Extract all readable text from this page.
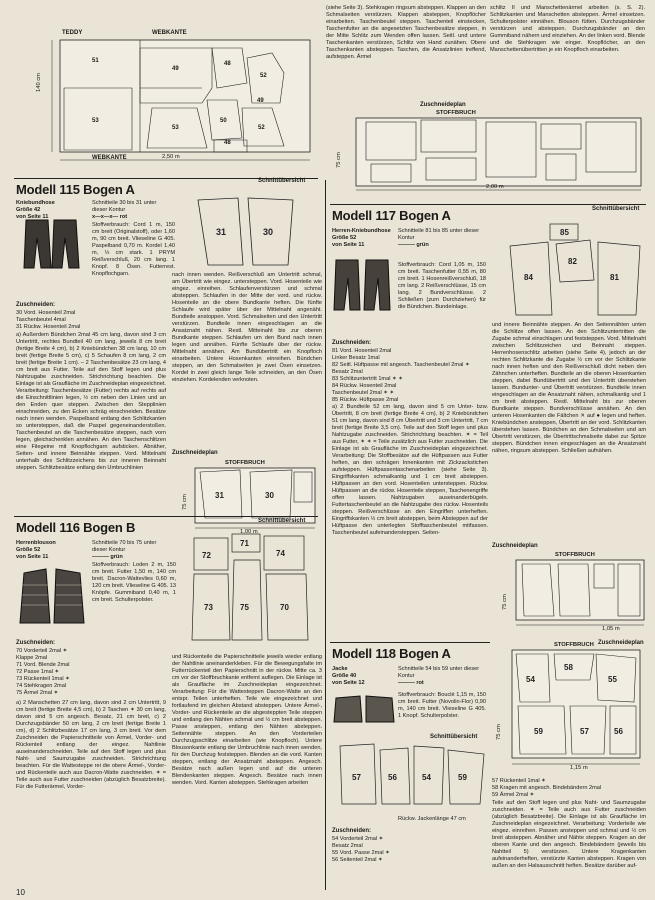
TEDDY	WEBKANTE
WEBKANTE	2,50 m
140 cm
51
49
48
52
53
50
52
49
53
48
(siehe Seite 3). Stehkragen ringsum absteppen. Klappen an den Schmalseiten verstürzen. Klappen absteppen, Knopflöcher einarbeiten. Taschenbeutel steppen. Taschenteil einstecken, Taschenfutter an die angesetzten Taschenbesätze steppen, in der Mitte Schlitz zum Wenden offen lassen. Seitl. und untere Taschenkanten verstürzen, Schlitz von Hand zunähen. Obere Taschenkanten absteppen. Taschen, die Ansatzlinien treffend, aufsteppen. Ärmel
schlitz II und Manschettenärmel arbeiten (s. S. 2). Schlitzkanten und Manschetten absteppen. Ärmel einsetzen. Schulterpolster einnähen. Blouson fütten. Durchzugsbänder verstürzen und absteppen. Durchzugsbänder an den Gummiband nähern und einziehen. An der linken vord. Blende und die Stehkragen wie einger. Knopflöcher, an den Manschettenübertritten je ein Knopfloch einarbeiten.
Zuschneideplan
STOFFBRUCH
2,00 m
75 cm
Modell 115 Bogen A
Schnittübersicht
Kniebundhose
Größe 42
von Seite 11
Schnitteile 30 bis 31 unter dieser Kontur
x—x—x— rot
Stoffverbrauch: Cord 1 m, 150 cm breit (Originalstoff), oder 1,60 m, 90 cm breit. Vlieseline G 405. Paspelband 0,70 m. Kordel 1,40 m, ⅓ cm stark. 1 PRYM Reißverschluß, 20 cm lang. 1 Knopf. 8 Ösen. Futterrest. Knopflochgarn.
31	30
Zuschneiden:
30 Vord. Hosenteil 2mal
Taschenbeutel 4mal
31 Rückw. Hosenteil 2mal
a) Außerdem Bündchen 2mal 45 cm lang, davon sind 3 cm Untertritt, rechtes Bundteil 40 cm lang, jeweils 8 cm breit (fertige Breite 4 cm), b) 2 Kniebündchen 38 cm lang, 10 cm breit (fertige Breite 5 cm), c) 5 Schaufen 8 cm lang, 2 cm breit (fertige Breite 1 cm). – 2 Taschenbesätze 23 cm lang, 4 cm breit aus Futter. Teile auf den Stoff legen und plus Nahtzugabe zuschneiden. Strichrichtung beachten. Die Einlage ist als Graufläche im Zuschneideplan eingezeichnet. Verarbeitung: Taschenbesätze (Futter) rechts auf rechts auf die Einschnittlinien legen, ½ cm neben den Linien und an den Enden quer steppen. Zwischen den Stepplinien einschneiden, zu den Ecken schräg einschneiden. Besätze nach innen wenden. Paspelband entlang den Schlitzkanten so untersteppen, daß die Paspel gegeneinanderstoßen. Taschenbeutel an die Taschenbesätze steppen, nach vorn legen, gleichschenklen annähen. An den Taschenschlitzen eine Filegeine mit Knopflochgarn aufsticken. Abnäher, Seiten- und innere Beinnähte steppen. Vord. Mittelnaht unterhalb des Schlitzzeichens bis zur inneren Beinnaht steppen. Schlitzbesätze entlang den Umbruchlinien
nach innen wenden. Reißverschluß am Untertritt schmal, am Übertritt wie eingez. untersteppen. Vord. Hosenteile wie eingez. einreihen. Schlaufenverstürzen und schmal absteppen. Schlaufen in der Mitte der vord. und rückw. Hosenteile an die obere Bundkante heften. Die fünfte Schlaufe wird später über der Mittelnaht angenäht. Bundteile anstoppen. Vord. Schmalseiten und den Untertritt verstürzen. Bundteile innen eingeschlagen an die Ansatznaht nähen. Restl. Mitteinaht bis zur oberen Bundkante steppen. Schlaufen um den Bund nach innen legen und annähen. Fünfte Schlaufe über der rückw. Mittelnaht annähen. Am Bundübertritt ein Knopfloch einarbeiten. Untere Hosenkanten einreihen. Bündchen steppen, an den Schmalseiten je zwei Ösen einsetzen. Kordel in zwei gleich lange Teile schneiden, an den Ösen einziehen. Kordelenden verknoten.
Zuschneideplan
31	30
STOFFBRUCH
1,00 m
75 cm
Modell 116 Bogen B	Schnittübersicht
Herrenblouson
Größe 52
von Seite 11
Schnitteile 70 bis 75 unter dieser Kontur
——— grün
Stoffverbrauch: Loden 2 m, 150 cm breit. Futter 1,50 m, 140 cm breit. Dacron-Wattevlies 0,60 m, 120 cm breit. Vlieseline G 405. 13 Knöpfe. Gummiband 0,40 m, 1 cm breit. Schulterpolster.
72
71
74
73	75	70
Zuschneiden:
70 Vorderteil 2mal ✶
Klappe 2mal
71 Vord. Blende 2mal
72 Passe 1mal ✶
73 Rückenteil 1mal ✶
74 Stehkragen 2mal
75 Ärmel 2mal ✶
a) 2 Manschetten 27 cm lang, davon sind 2 cm Untertritt, 9 cm breit (fertige Breite 4,5 cm), b) 2 Taschen ✶ 30 cm lang, davon sind 5 cm angesch. Besatz, 21 cm breit, c) 2 Durchzugsbänder 50 cm lang, 2 cm breit (fertige Breite 1 cm), d) 2 Schlitzbesätze 17 cm lang, 3 cm breit. Vor dem Zuschneiden die Papierschnitteile von Ärmel, Vorder- und Rückenteil entlang der eingez. Nahtlinie auseinanderschneiden. Teile auf den Stoff legen und plus Naht- und Saumzugabe zuschneiden. Strichrichtung beachten. Für die Wattesteppe rei die obere Ärmel-, Vorder- und Rückenteile auch aus Dacron-Watte zuschneiden. ✶ = Teile auch aus Futter zuschneiden (abzüglich Besatzbreite). Für die Futterärmel, Vorder-
und Rückenteile die Papierschnitteile jeweils wieder entlang der Nahtlinie aneinanderkleben. Für die Bewegungsfalte im Futterrückenteil den Papierschnitt in der rückw. Mitte ca. 3 cm vor der Stoffbruchkante entfernt auflegen. Die Einlage ist als Graufläche im Zuschneideplan eingezeichnet. Verarbeitung: Für die Wattesteppen Dacron-Watte an den entspr. Teilen unterheften. Teile wie eingezeichnet und fortlaufend im gleichen Abstand absteppen. Untere Ärmel-, Vorder- und Rückenteile an die abgesteppten Teile steppen und entlang den Nähten schmal und ½ cm breit absteppen. Passe ansteppen, entlang den Nähten absteppen. Seitennähte steppen. An den Vorderteilen Durchzugsschlitze einarbeiten (wie Knopfloch). Untere Blousonkante entlang der Umbruchlinie nach innen wenden, für den Durchzug feststeppen. Blenden an die vord. Kanten steppen, entlang der Ansatznaht absteppen. Angesch. Besätze nach außen legen und auf die unteren Blendenkanten steppen. Angesch. Besätze nach innen wenden. Vord. Kanten absteppen. Stehkragen arbeiten
10
Modell 117 Bogen A	Schnittübersicht
Herren-Kniebundhose
Größe 52
von Seite 11
Schnitteile 81 bis 85 unter dieser Kontur
——— grün
Stoffverbrauch: Cord 1,05 m, 150 cm breit. Taschenfutter 0,55 m, 80 cm breit. 1 Hosenreißverschluß, 18 cm lang. 2 Reißverschlüsse, 15 cm lang. 2 Bundverschlüsse. 2 Schließen (zum Durchziehen) für die Bündchen. Bundeinlage.
85
84
82
81
Zuschneiden:
81 Vord. Hosenteil 2mal
Linker Besatz 1mal
82 Seitl. Hüftpasse mit angesch. Taschenbeutel 2mal ✶
Besatz 2mal
83 Schlitzuntertritt 1mal ✶ ✶
84 Rückw. Hosenteil 2mal
Taschenbeutel 2mal ✶ ✶
85 Rückw. Hüftpasse 2mal
a) 2 Bundteile 52 cm lang, davon sind 5 cm Unter- bzw. Übertritt, 8 cm breit (fertige Breite 4 cm), b) 2 Kniebündchen 51 cm lang, davon sind 8 cm Übertritt und 3 cm Untertritt, 7 cm breit (fertige Breite 3,5 cm). Teile auf den Stoff legen und plus Nahtzugabe zuschneiden. Strichrichtung beachten. ✶ = Teil aus Futter, ✶ ✶ = Teile zusätzlich aus Futter zuschneiden. Die Einlage ist als Graufläche im Zuschneideplan eingezeichnet. Verarbeitung: Die Stoffbesätze auf die Hüftpassen aus Futter heften, an den schrägen Innenkanten mit Zickzackstichen aufsteppen. Hüftpassentaschenarbeiten (siehe Seite 3). Eingriffskanten schmalkantig und 1 cm breit absteppen. Hüftpassen an den vord. Hosenteilen untersteppen. Rückw. Hüftpassen an die rückw. Hosenteile steppen, Taschenengriffe offen lassen. Nahtzugaben auseinanderbügeln. Futtertaschenbeutel an die Nahtzugabe des rückw. Hosenteils steppen. Reißverschlüsse an den Eingriffen unterheften. Eingriffskanten ½ cm breit absteppen, beim Absteppen auf der Hüftpasse den unterlegten Stofftaschenbeutel mitfassen. Taschenbeutel aufeinandersteppen. Seiten-
und innere Beinnähte steppen. An den Seitennähten unten die Schlitze offen lassen. An den Schlitzuntertritten die Zugabe schmal einschlagen und feststeppen. Vord. Mittelnaht zwischen Schlitzzeichen und Beinnaht steppen. Herrenhosenschlitz arbeiten (siehe Seite 4), jedoch an der rechten Schlitzkante die Zugabe ½ cm vor der Schlitzkante nach innen heften und den Reißverschluß dicht neben den Zähnchen unterheften. Bundteile an die oberen Hosenkanten steppen, dabei Bundübertritt und den Untertritt überstehen lassen. Bundunter- und Übertritt verstürzen. Bundteile innen eingeschlagen an die Ansatznaht nähen, schmalkantig und 1 cm breit absteppen. Restl. Mittelnaht bis zur oberen Bundkante steppen. Bundverschlüsse annähen. An den unteren Hosenkanten die Fältchen ✕ auf ● legen und heften. Kniebündchen ansteppen, Übertritt an der vord. Schlitzkanten überstehen lassen. Bündchen an den Schmalseiten und am Übertritt verstürzen, die Übertrittschmalseite dabei zur Spitze steppen. Bündchen innen eingeschlagen an die Ansatznaht nähen, ringsum absteppen. Schließen aufnähen.
Zuschneideplan
STOFFBRUCH
1,05 m
75 cm
Zuschneideplan
Modell 118 Bogen A
Jacke
Größe 40
von Seite 12
Schnitteile 54 bis 59 unter dieser Kontur
——— rot
Stoffverbrauch: Bouclé 1,15 m, 150 cm breit. Futter (Novolin-Flor) 0,90 m, 140 cm breit. Vlieseline G 405. 1 Knopf. Schulterpolster.
Schnittübersicht
57	56	54	59
Rückw. Jackenlänge 47 cm
Zuschneiden:
54 Vorderteil 2mal ✶
Besatz 2mal
55 Vord. Passe 2mal ✶
56 Seitenteil 2mal ✶
54
58
55
59	57	56
STOFFBRUCH
1,15 m
75 cm
57 Rückenteil 1mal ✶
58 Kragen mit angesch. Bindebändern 2mal
59 Ärmel 2mal ✶
Teile auf den Stoff legen und plus Naht- und Saumzugabe zuschneiden. ✶ = Teile auch aus Futter zuschneiden (abzüglich Besatzbreite). Die Einlage ist als Graufläche im Zuschneideplan eingezeichnet. Verarbeitung: Vorderteile wie eingez. einreihen. Passen ansteppen und schmal und ½ cm breit absteppen. Abnäher und Nähte steppen. Kragen an der oberen Kante und den angesch. Bindebändern (jeweils bis Nahtteil 5) verstürzen. Untere Kragenkanten aufeinanderheften, verstürzte Kanten absteppen. Kragen von außen an den Halsausschnitt heften. Besätze darüber auf-
